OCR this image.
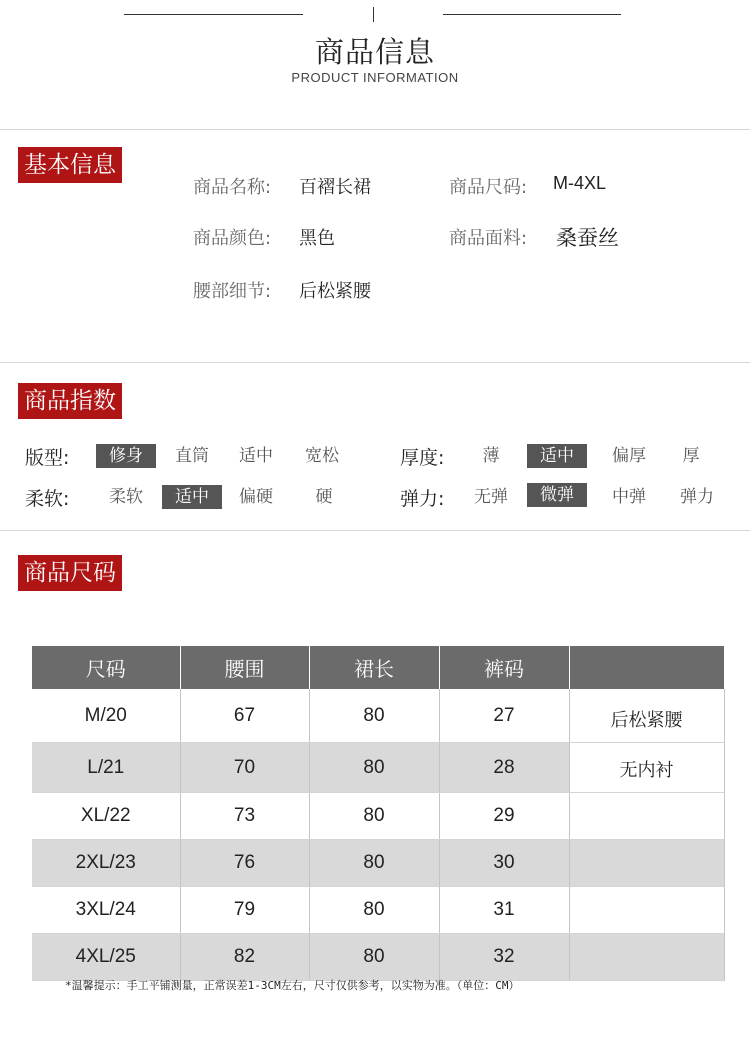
商品信息
PRODUCT INFORMATION
基本信息
商品名称: 百褶长裙	商品尺码: M-4XL
商品颜色: 黑色	商品面料: 桑蚕丝
腰部细节: 后松紧腰
商品指数
版型:	修身	直筒	适中	宽松	厚度:	薄	适中	偏厚	厚
柔软:	柔软	适中	偏硬	硬	弹力:	无弹	微弹	中弹	弹力
商品尺码
尺码	腰围	裙长	裤码	
M/20	67	80	27	后松紧腰
L/21	70	80	28	无内衬
XL/22	73	80	29	
2XL/23	76	80	30	
3XL/24	79	80	31	
4XL/25	82	80	32	
*温馨提示：手工平铺测量，正常误差1-3CM左右，尺寸仅供参考，以实物为准。（单位：CM）
